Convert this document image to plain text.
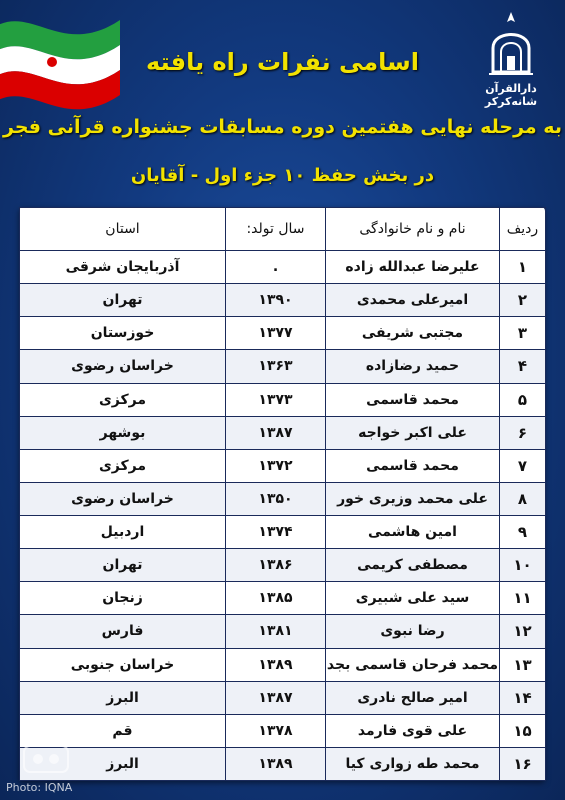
دارالقرآن شانه‌کرکر
اسامی نفرات راه یافته
به مرحله نهایی هفتمین دوره مسابقات جشنواره قرآنی فجر
در بخش حفظ ۱۰ جزء اول - آقایان
ردیف	نام و نام خانوادگی	سال تولد:	استان
۱	علیرضا عبدالله زاده	.	آذربایجان شرقی
۲	امیرعلی محمدی	۱۳۹۰	تهران
۳	مجتبی شریفی	۱۳۷۷	خوزستان
۴	حمید رضازاده	۱۳۶۳	خراسان رضوی
۵	محمد قاسمی	۱۳۷۳	مرکزی
۶	علی اکبر خواجه	۱۳۸۷	بوشهر
۷	محمد قاسمی	۱۳۷۲	مرکزی
۸	علی محمد وزیری خور	۱۳۵۰	خراسان رضوی
۹	امین هاشمی	۱۳۷۴	اردبیل
۱۰	مصطفی کریمی	۱۳۸۶	تهران
۱۱	سید علی شبیری	۱۳۸۵	زنجان
۱۲	رضا نبوی	۱۳۸۱	فارس
۱۳	محمد فرحان قاسمی بجد	۱۳۸۹	خراسان جنوبی
۱۴	امیر صالح نادری	۱۳۸۷	البرز
۱۵	علی قوی فارمد	۱۳۷۸	قم
۱۶	محمد طه زواری کیا	۱۳۸۹	البرز
Photo: IQNA
